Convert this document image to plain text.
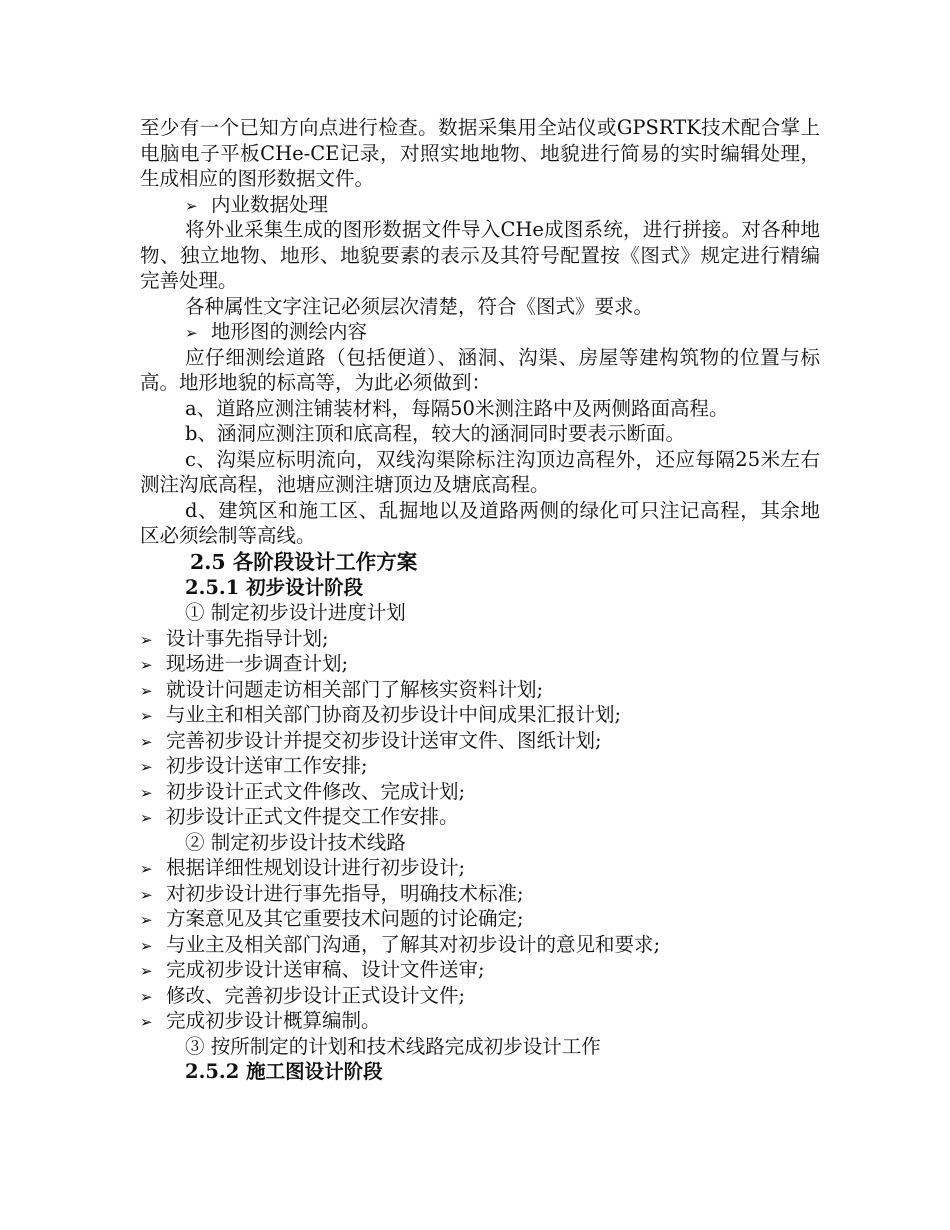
至少有一个已知方向点进行检查。数据采集用全站仪或GPSRTK技术配合掌上电脑电子平板CHe-CE记录，对照实地地物、地貌进行简易的实时编辑处理，生成相应的图形数据文件。
➢ 内业数据处理
将外业采集生成的图形数据文件导入CHe成图系统，进行拼接。对各种地物、独立地物、地形、地貌要素的表示及其符号配置按《图式》规定进行精编完善处理。
各种属性文字注记必须层次清楚，符合《图式》要求。
➢ 地形图的测绘内容
应仔细测绘道路（包括便道）、涵洞、沟渠、房屋等建构筑物的位置与标高。地形地貌的标高等，为此必须做到：
a、道路应测注铺装材料，每隔50米测注路中及两侧路面高程。
b、涵洞应测注顶和底高程，较大的涵洞同时要表示断面。
c、沟渠应标明流向，双线沟渠除标注沟顶边高程外，还应每隔25米左右测注沟底高程，池塘应测注塘顶边及塘底高程。
d、建筑区和施工区、乱掘地以及道路两侧的绿化可只注记高程，其余地区必须绘制等高线。
2.5 各阶段设计工作方案
2.5.1 初步设计阶段
① 制定初步设计进度计划
➢ 设计事先指导计划;
➢ 现场进一步调查计划;
➢ 就设计问题走访相关部门了解核实资料计划;
➢ 与业主和相关部门协商及初步设计中间成果汇报计划;
➢ 完善初步设计并提交初步设计送审文件、图纸计划;
➢ 初步设计送审工作安排;
➢ 初步设计正式文件修改、完成计划;
➢ 初步设计正式文件提交工作安排。
② 制定初步设计技术线路
➢ 根据详细性规划设计进行初步设计;
➢ 对初步设计进行事先指导，明确技术标准;
➢ 方案意见及其它重要技术问题的讨论确定;
➢ 与业主及相关部门沟通，了解其对初步设计的意见和要求;
➢ 完成初步设计送审稿、设计文件送审;
➢ 修改、完善初步设计正式设计文件;
➢ 完成初步设计概算编制。
③ 按所制定的计划和技术线路完成初步设计工作
2.5.2 施工图设计阶段
